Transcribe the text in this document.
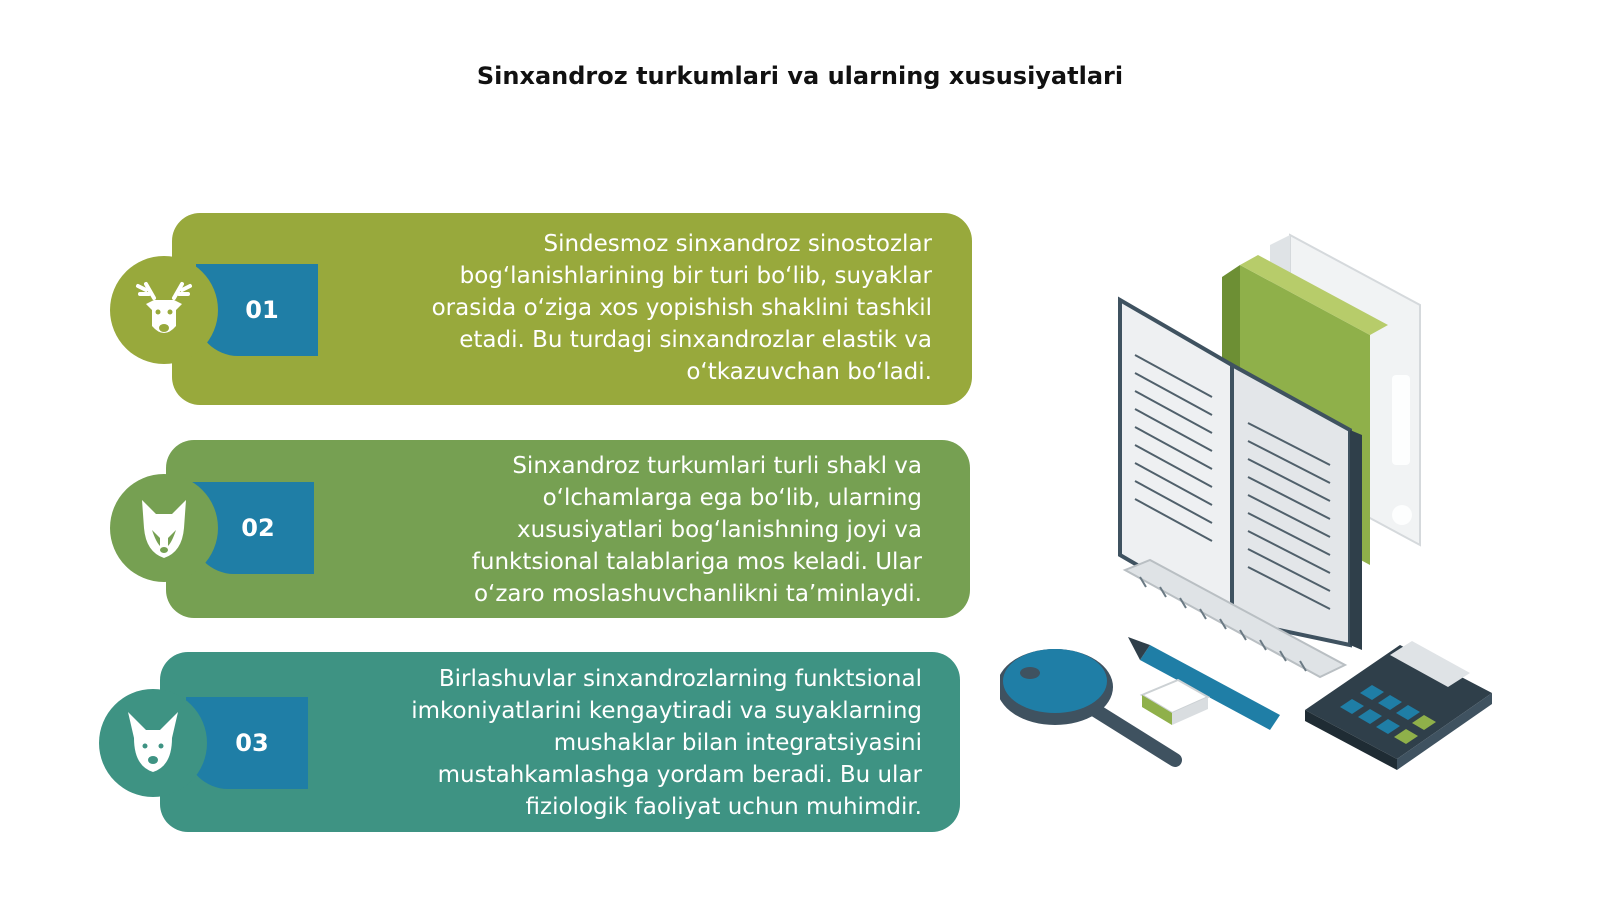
Sinxandroz turkumlari va ularning xususiyatlari
Sindesmoz sinxandroz sinostozlar
bog‘lanishlarining bir turi bo‘lib, suyaklar
orasida o‘ziga xos yopishish shaklini tashkil
etadi. Bu turdagi sinxandrozlar elastik va
o‘tkazuvchan bo‘ladi.
01
Sinxandroz turkumlari turli shakl va
o‘lchamlarga ega bo‘lib, ularning
xususiyatlari bog‘lanishning joyi va
funktsional talablariga mos keladi. Ular
o‘zaro moslashuvchanlikni ta’minlaydi.
02
Birlashuvlar sinxandrozlarning funktsional
imkoniyatlarini kengaytiradi va suyaklarning
mushaklar bilan integratsiyasini
mustahkamlashga yordam beradi. Bu ular
fiziologik faoliyat uchun muhimdir.
03
